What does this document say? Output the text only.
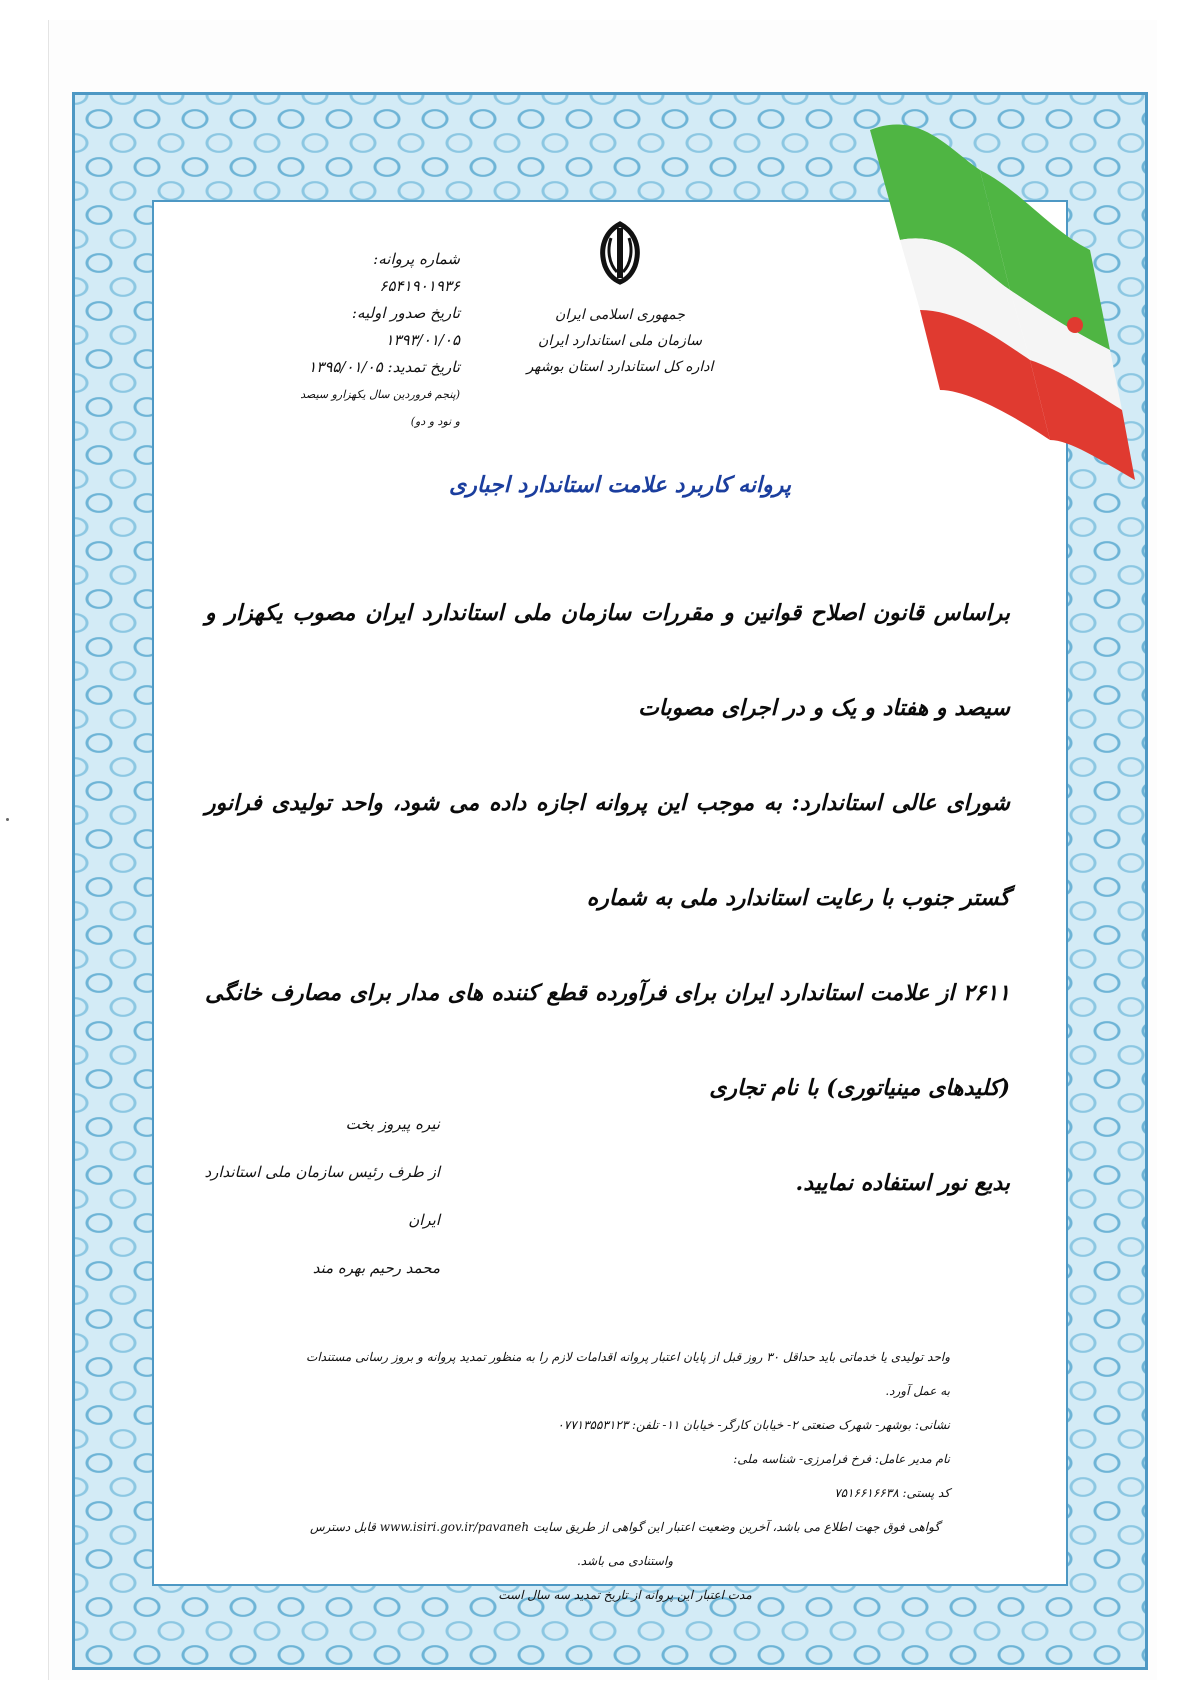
جمهوری اسلامی ایران
سازمان ملی استاندارد ایران
اداره کل استاندارد استان بوشهر
شماره پروانه: ۶۵۴۱۹۰۱۹۳۶
تاریخ صدور اولیه: ۱۳۹۳/۰۱/۰۵
تاریخ تمدید: ۱۳۹۵/۰۱/۰۵
(پنجم فروردین سال یکهزارو سیصد و نود و دو)
پروانه کاربرد علامت استاندارد اجباری

براساس قانون اصلاح قوانین و مقررات سازمان ملی استاندارد ایران مصوب یکهزار و سیصد و هفتاد و یک و در اجرای مصوبات

شورای عالی استاندارد: به موجب این پروانه اجازه داده می شود، واحد تولیدی فرانور گستر جنوب با رعایت استاندارد ملی به شماره

۲۶۱۱ از علامت استاندارد ایران برای فرآورده قطع کننده های مدار برای مصارف خانگی (کلیدهای مینیاتوری) با نام تجاری

بدیع نور استفاده نمایید.

نیره پیروز بخت
از طرف رئیس سازمان ملی استاندارد ایران
محمد رحیم بهره مند
واحد تولیدی یا خدماتی باید حداقل ۳۰ روز قبل از پایان اعتبار پروانه اقدامات لازم را به منظور تمدید پروانه و بروز رسانی مستندات به عمل آورد.
نشانی: بوشهر- شهرک صنعتی ۲- خیابان کارگر- خیابان ۱۱- تلفن: ۰۷۷۱۳۵۵۳۱۲۳
نام مدیر عامل: فرخ فرامرزی- شناسه ملی:
کد پستی: ۷۵۱۶۶۱۶۶۳۸
گواهی فوق جهت اطلاع می باشد، آخرین وضعیت اعتبار این گواهی از طریق سایت www.isiri.gov.ir/pavaneh قابل دسترس واستنادی می باشد.
مدت اعتبار این پروانه از تاریخ تمدید سه سال است
